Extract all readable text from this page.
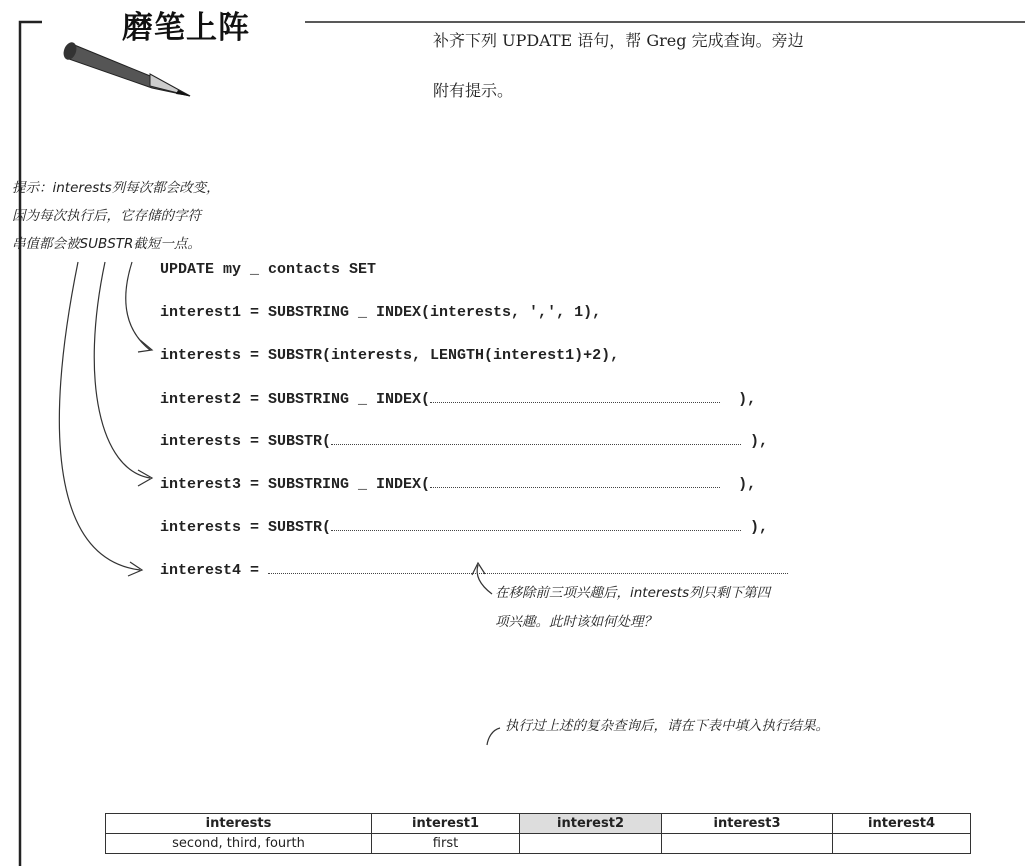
磨笔上阵	补齐下列 UPDATE 语句，帮 Greg 完成查询。旁边
附有提示。
提示：interests列每次都会改变，
因为每次执行后，它存储的字符
串值都会被SUBSTR截短一点。
UPDATE my _ contacts SET
interest1 = SUBSTRING _ INDEX(interests, ',', 1),
interests = SUBSTR(interests, LENGTH(interest1)+2),
interest2 = SUBSTRING _ INDEX(	),
interests = SUBSTR(	),
interest3 = SUBSTRING _ INDEX(	),
interests = SUBSTR(	),
interest4 =
在移除前三项兴趣后，interests列只剩下第四
项兴趣。此时该如何处理？
执行过上述的复杂查询后，请在下表中填入执行结果。
interests	interest1	interest2	interest3	interest4
second, third, fourth	first			
